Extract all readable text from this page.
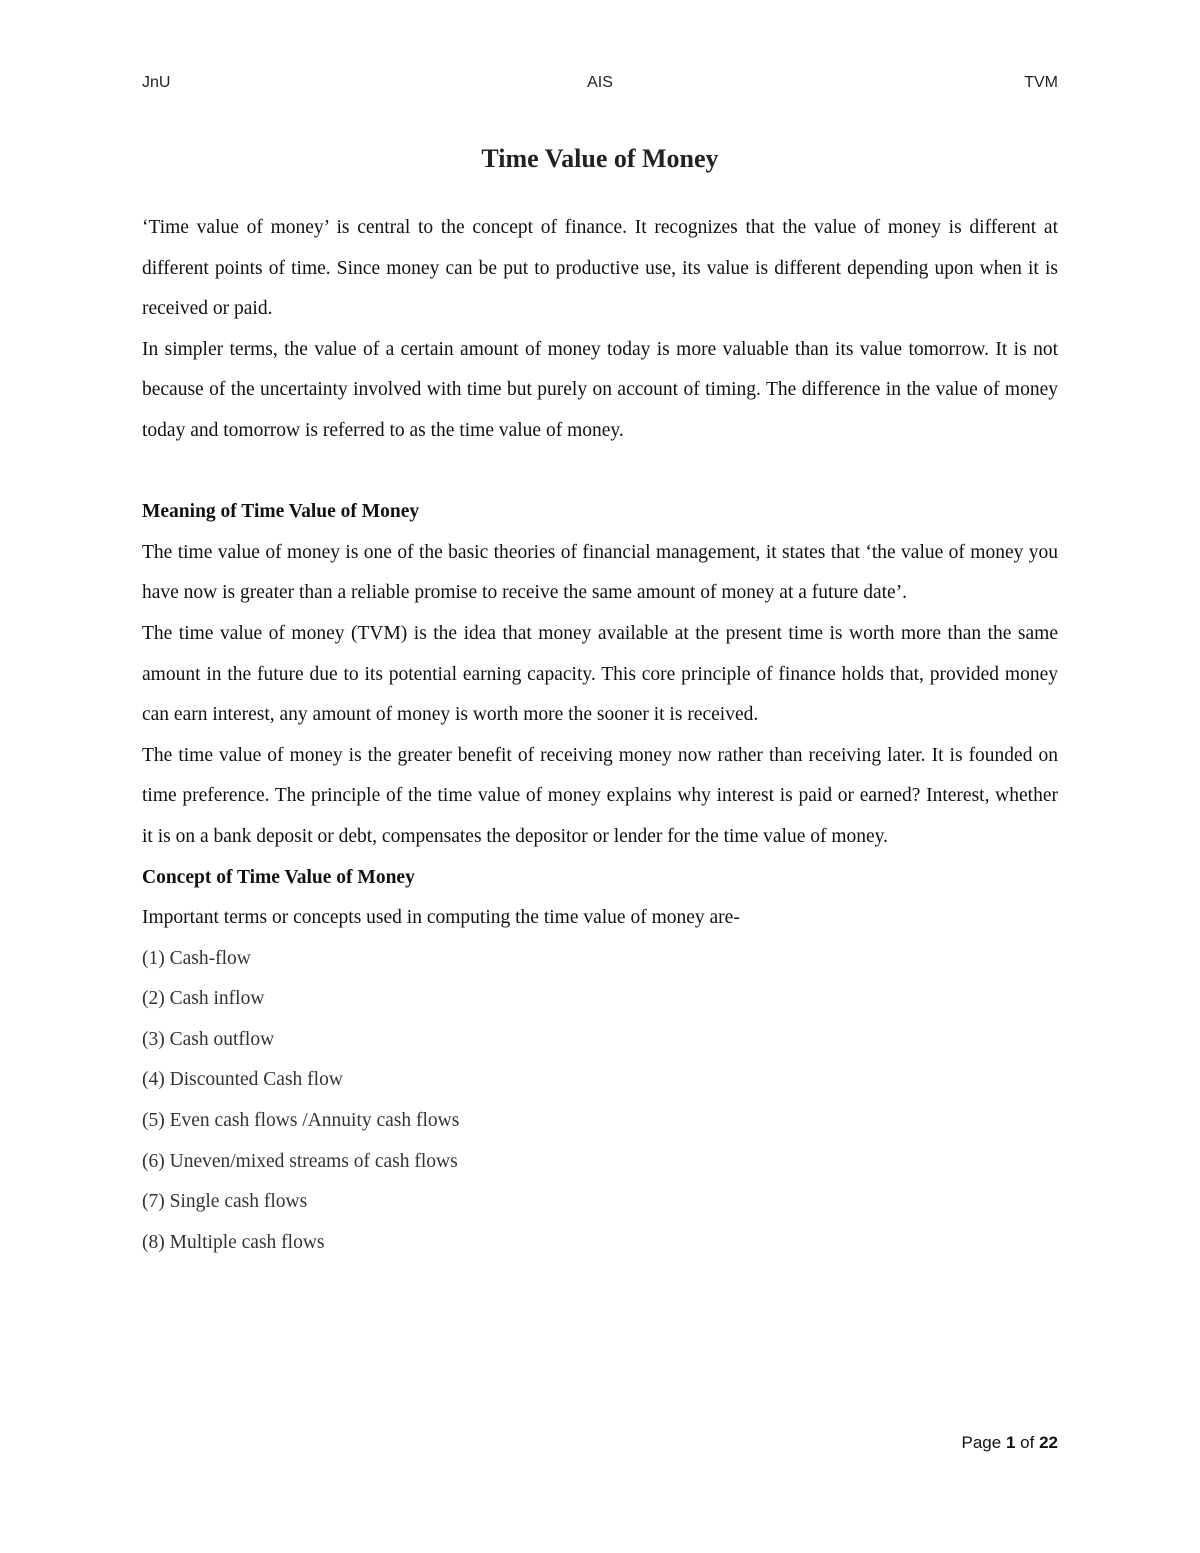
JnU	AIS	TVM
Time Value of Money

‘Time value of money’ is central to the concept of finance. It recognizes that the value of money is different at different points of time. Since money can be put to productive use, its value is different depending upon when it is received or paid.

In simpler terms, the value of a certain amount of money today is more valuable than its value tomorrow. It is not because of the uncertainty involved with time but purely on account of timing. The difference in the value of money today and tomorrow is referred to as the time value of money.

Meaning of Time Value of Money

The time value of money is one of the basic theories of financial management, it states that ‘the value of money you have now is greater than a reliable promise to receive the same amount of money at a future date’.

The time value of money (TVM) is the idea that money available at the present time is worth more than the same amount in the future due to its potential earning capacity. This core principle of finance holds that, provided money can earn interest, any amount of money is worth more the sooner it is received.

The time value of money is the greater benefit of receiving money now rather than receiving later. It is founded on time preference. The principle of the time value of money explains why interest is paid or earned? Interest, whether it is on a bank deposit or debt, compensates the depositor or lender for the time value of money.

Concept of Time Value of Money

Important terms or concepts used in computing the time value of money are-

(1) Cash-flow
(2) Cash inflow
(3) Cash outflow
(4) Discounted Cash flow
(5) Even cash flows /Annuity cash flows
(6) Uneven/mixed streams of cash flows
(7) Single cash flows
(8) Multiple cash flows
Page 1 of 22
